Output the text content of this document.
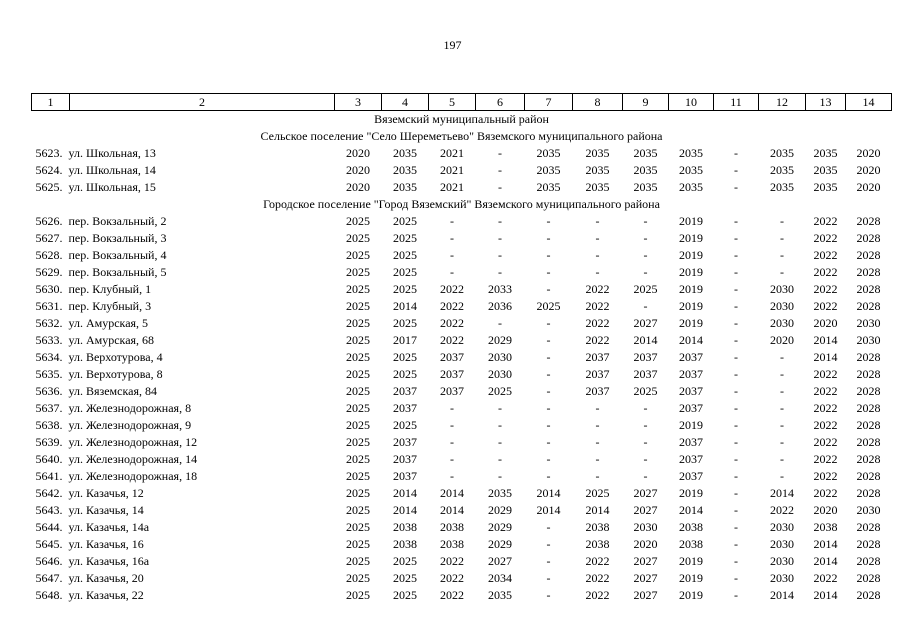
197
1	2	3	4	5	6	7	8	9	10	11	12	13	14
Вяземский муниципальный район													
Сельское поселение "Село Шереметьево" Вяземского муниципального района													
5623.  ул. Школьная, 13		2020	2035	2021	-	2035	2035	2035	2035	-	2035	2035	2020
5624.  ул. Школьная, 14		2020	2035	2021	-	2035	2035	2035	2035	-	2035	2035	2020
5625.  ул. Школьная, 15		2020	2035	2021	-	2035	2035	2035	2035	-	2035	2035	2020
Городское поселение "Город Вяземский" Вяземского муниципального района													
5626.  пер. Вокзальный, 2		2025	2025	-	-	-	-	-	2019	-	-	2022	2028
5627.  пер. Вокзальный, 3		2025	2025	-	-	-	-	-	2019	-	-	2022	2028
5628.  пер. Вокзальный, 4		2025	2025	-	-	-	-	-	2019	-	-	2022	2028
5629.  пер. Вокзальный, 5		2025	2025	-	-	-	-	-	2019	-	-	2022	2028
5630.  пер. Клубный, 1		2025	2025	2022	2033	-	2022	2025	2019	-	2030	2022	2028
5631.  пер. Клубный, 3		2025	2014	2022	2036	2025	2022	-	2019	-	2030	2022	2028
5632.  ул. Амурская, 5		2025	2025	2022	-	-	2022	2027	2019	-	2030	2020	2030
5633.  ул. Амурская, 68		2025	2017	2022	2029	-	2022	2014	2014	-	2020	2014	2030
5634.  ул. Верхотурова, 4		2025	2025	2037	2030	-	2037	2037	2037	-	-	2014	2028
5635.  ул. Верхотурова, 8		2025	2025	2037	2030	-	2037	2037	2037	-	-	2022	2028
5636.  ул. Вяземская, 84		2025	2037	2037	2025	-	2037	2025	2037	-	-	2022	2028
5637.  ул. Железнодорожная, 8		2025	2037	-	-	-	-	-	2037	-	-	2022	2028
5638.  ул. Железнодорожная, 9		2025	2025	-	-	-	-	-	2019	-	-	2022	2028
5639.  ул. Железнодорожная, 12		2025	2037	-	-	-	-	-	2037	-	-	2022	2028
5640.  ул. Железнодорожная, 14		2025	2037	-	-	-	-	-	2037	-	-	2022	2028
5641.  ул. Железнодорожная, 18		2025	2037	-	-	-	-	-	2037	-	-	2022	2028
5642.  ул. Казачья, 12		2025	2014	2014	2035	2014	2025	2027	2019	-	2014	2022	2028
5643.  ул. Казачья, 14		2025	2014	2014	2029	2014	2014	2027	2014	-	2022	2020	2030
5644.  ул. Казачья, 14а		2025	2038	2038	2029	-	2038	2030	2038	-	2030	2038	2028
5645.  ул. Казачья, 16		2025	2038	2038	2029	-	2038	2020	2038	-	2030	2014	2028
5646.  ул. Казачья, 16а		2025	2025	2022	2027	-	2022	2027	2019	-	2030	2014	2028
5647.  ул. Казачья, 20		2025	2025	2022	2034	-	2022	2027	2019	-	2030	2022	2028
5648.  ул. Казачья, 22		2025	2025	2022	2035	-	2022	2027	2019	-	2014	2014	2028
